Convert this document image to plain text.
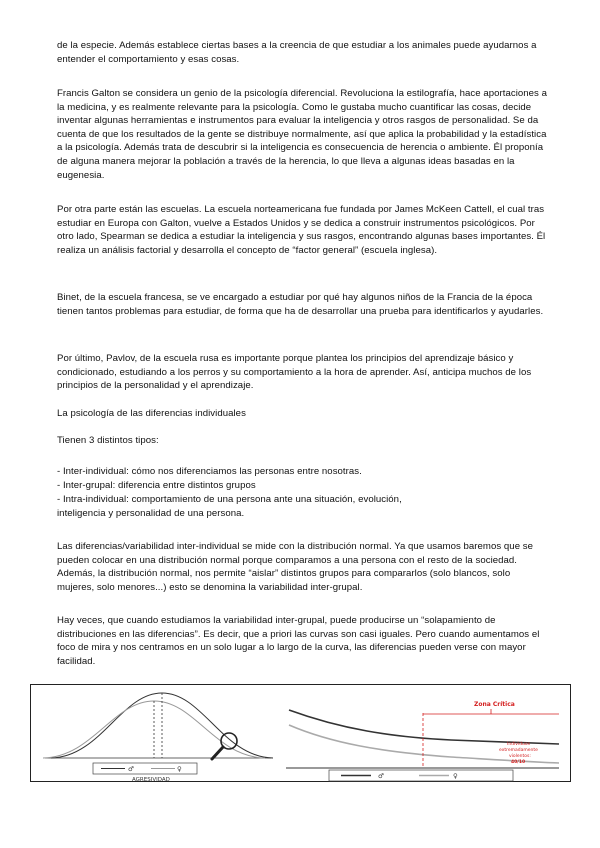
de la especie. Además establece ciertas bases a la creencia de que estudiar a los animales puede ayudarnos a entender el comportamiento y esas cosas.

Francis Galton se considera un genio de la psicología diferencial. Revoluciona la estilografía, hace aportaciones a la medicina, y es realmente relevante para la psicología. Como le gustaba mucho cuantificar las cosas, decide inventar algunas herramientas e instrumentos para evaluar la inteligencia y otros rasgos de personalidad. Se da cuenta de que los resultados de la gente se distribuye normalmente, así que aplica la probabilidad y la estadística a la psicología. Además trata de descubrir si la inteligencia es consecuencia de herencia o ambiente. Él proponía de alguna manera mejorar la población a través de la herencia, lo que lleva a algunas ideas basadas en la eugenesia.

Por otra parte están las escuelas. La escuela norteamericana fue fundada por James McKeen Cattell, el cual tras estudiar en Europa con Galton, vuelve a Estados Unidos y se dedica a construir instrumentos psicológicos. Por otro lado, Spearman se dedica a estudiar la inteligencia y sus rasgos, encontrando algunas bases importantes. Él realiza un análisis factorial y desarrolla el concepto de “factor general” (escuela inglesa).

Binet, de la escuela francesa, se ve encargado a estudiar por qué hay algunos niños de la Francia de la época tienen tantos problemas para estudiar, de forma que ha de desarrollar una prueba para identificarlos y ayudarles.

Por último, Pavlov, de la escuela rusa es importante porque plantea los principios del aprendizaje básico y condicionado, estudiando a los perros y su comportamiento a la hora de aprender. Así, anticipa muchos de los principios de la personalidad y el aprendizaje.

La psicología de las diferencias individuales

Tienen 3 distintos tipos:

- Inter-individual: cómo nos diferenciamos las personas entre nosotras.

- Inter-grupal: diferencia entre distintos grupos

- Intra-individual: comportamiento de una persona ante una situación, evolución,

inteligencia y personalidad de una persona.

Las diferencias/variabilidad inter-individual se mide con la distribución normal. Ya que usamos baremos que se pueden colocar en una distribución normal porque comparamos a una persona con el resto de la sociedad. Además, la distribución normal, nos permite “aislar” distintos grupos para compararlos (solo blancos, solo mujeres, solo menores...) esto se denomina la variabilidad inter-grupal.

Hay veces, que cuando estudiamos la variabilidad inter-grupal, puede producirse un “solapamiento de distribuciones en las diferencias”. Es decir, que a priori las curvas son casi iguales. Pero cuando aumentamos el foco de mira y nos centramos en un solo lugar a lo largo de la curva, las diferencias pueden verse con mayor facilidad.

♂	♀
AGRESIVIDAD
Zona Crítica
Individuos
extremadamente
violentos:
40/10
♂	♀
